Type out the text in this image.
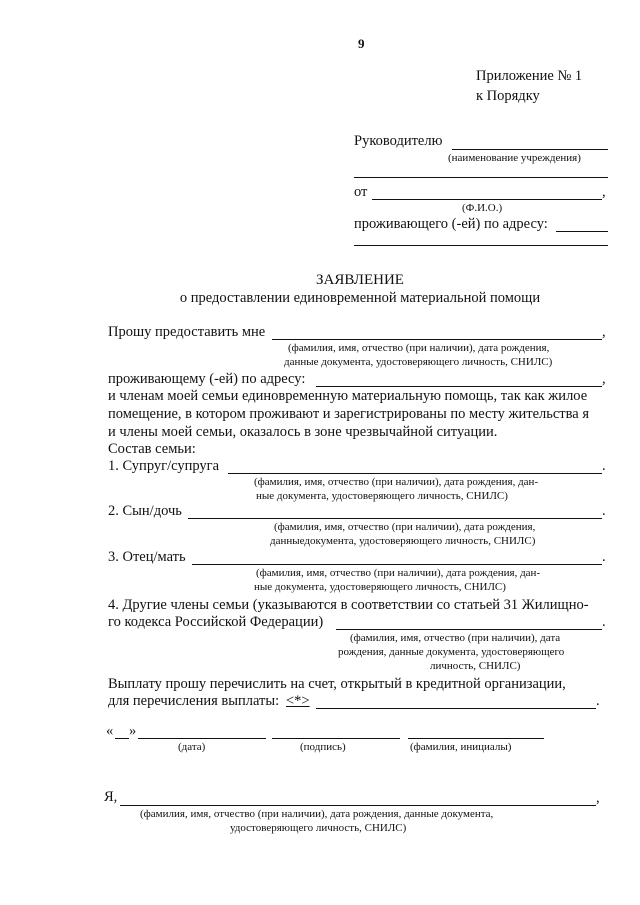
9
Приложение № 1
к Порядку
Руководителю
(наименование учреждения)
от	,
(Ф.И.О.)
проживающего (-ей) по адресу:
ЗАЯВЛЕНИЕ
о предоставлении единовременной материальной помощи
Прошу предоставить мне	,
(фамилия, имя, отчество (при наличии), дата рождения,
данные документа, удостоверяющего личность, СНИЛС)
проживающему (-ей) по адресу:	,
и членам моей семьи единовременную материальную помощь, так как жилое
помещение, в котором проживают и зарегистрированы по месту жительства я
и члены моей семьи, оказалось в зоне чрезвычайной ситуации.
Состав семьи:
1. Супруг/супруга	.
(фамилия, имя, отчество (при наличии), дата рождения, дан-
ные документа, удостоверяющего личность, СНИЛС)
2. Сын/дочь	.
(фамилия, имя, отчество (при наличии), дата рождения,
данныедокумента, удостоверяющего личность, СНИЛС)
3. Отец/мать	.
(фамилия, имя, отчество (при наличии), дата рождения, дан-
ные документа, удостоверяющего личность, СНИЛС)
4. Другие члены семьи (указываются в соответствии со статьей 31 Жилищно-
го кодекса Российской Федерации)	.
(фамилия, имя, отчество (при наличии), дата
рождения, данные документа, удостоверяющего
личность, СНИЛС)
Выплату прошу перечислить на счет, открытый в кредитной организации,
для перечисления выплаты: <*>	.
« »
(дата)	(подпись)	(фамилия, инициалы)
Я,	,
(фамилия, имя, отчество (при наличии), дата рождения, данные документа,
удостоверяющего личность, СНИЛС)
